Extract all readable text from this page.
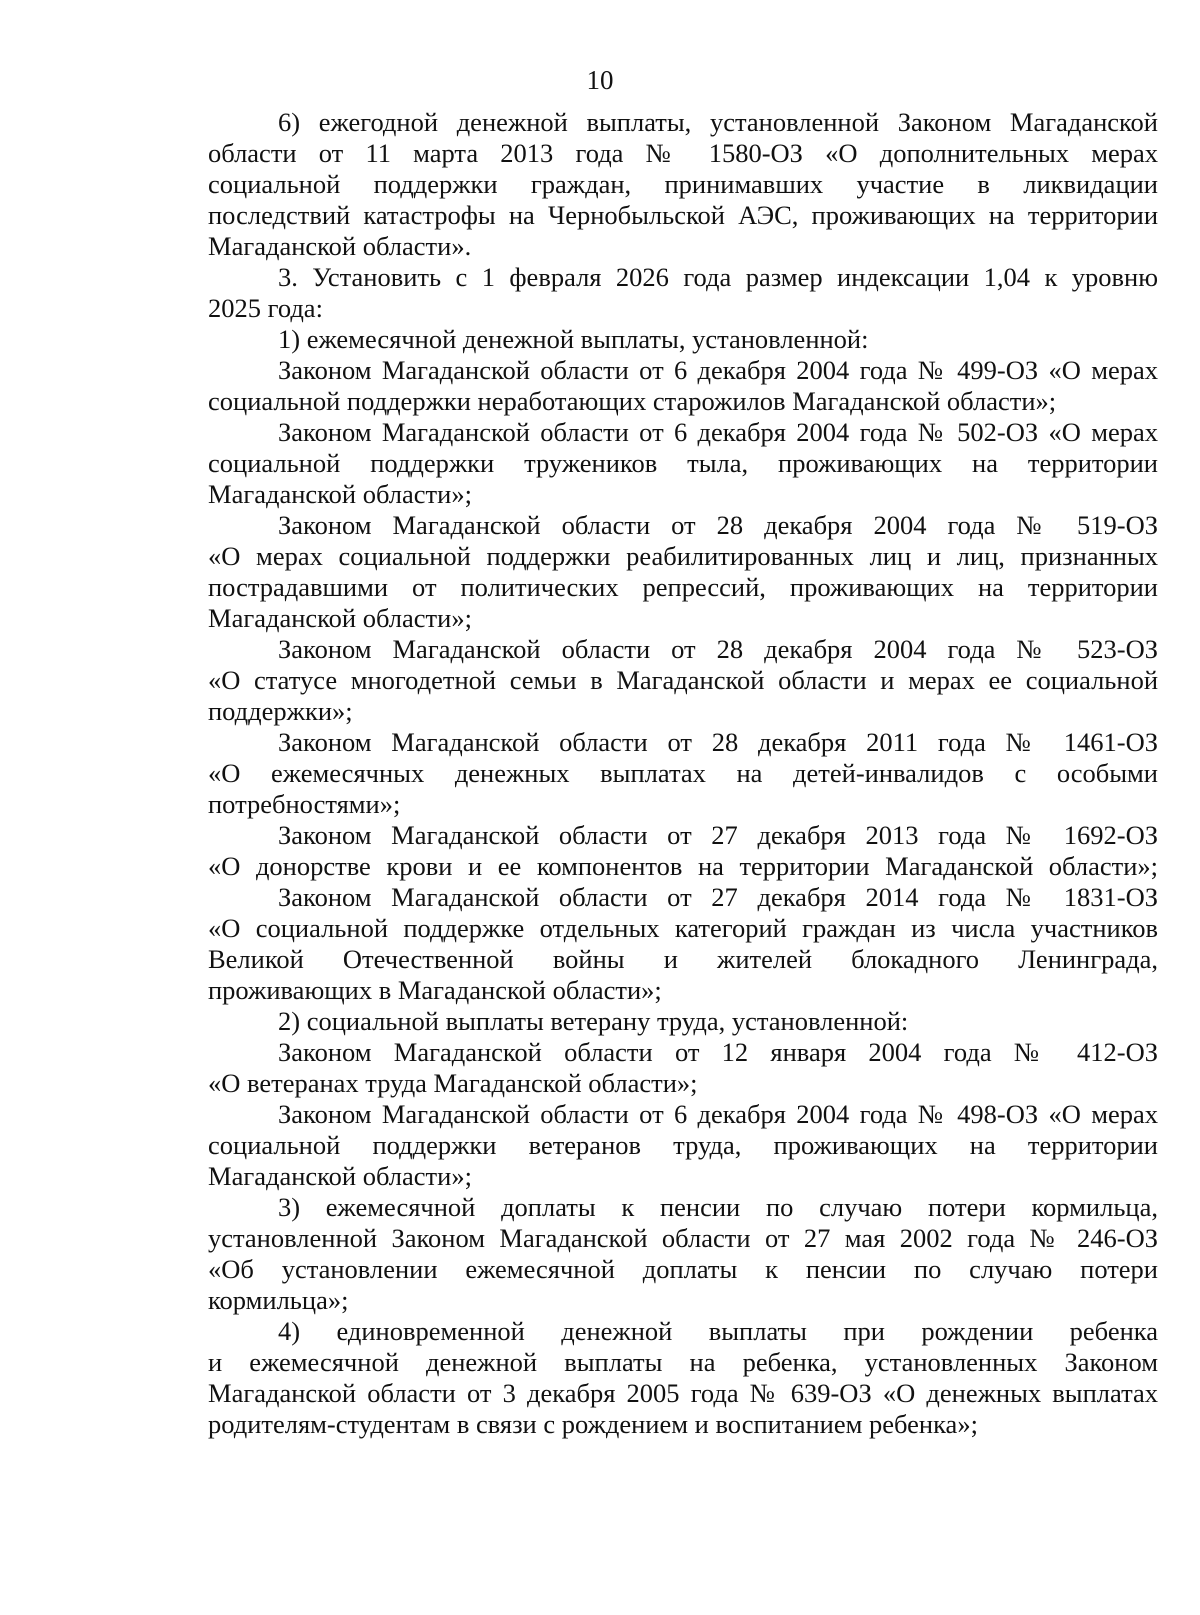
10
6) ежегодной денежной выплаты, установленной Законом Магаданской
области от 11 марта 2013 года № 1580-ОЗ «О дополнительных мерах
социальной поддержки граждан, принимавших участие в ликвидации
последствий катастрофы на Чернобыльской АЭС, проживающих на территории
Магаданской области».
3. Установить с 1 февраля 2026 года размер индексации 1,04 к уровню
2025 года:
1) ежемесячной денежной выплаты, установленной:
Законом Магаданской области от 6 декабря 2004 года № 499-ОЗ «О мерах
социальной поддержки неработающих старожилов Магаданской области»;
Законом Магаданской области от 6 декабря 2004 года № 502-ОЗ «О мерах
социальной поддержки тружеников тыла, проживающих на территории
Магаданской области»;
Законом Магаданской области от 28 декабря 2004 года № 519-ОЗ
«О мерах социальной поддержки реабилитированных лиц и лиц, признанных
пострадавшими от политических репрессий, проживающих на территории
Магаданской области»;
Законом Магаданской области от 28 декабря 2004 года № 523-ОЗ
«О статусе многодетной семьи в Магаданской области и мерах ее социальной
поддержки»;
Законом Магаданской области от 28 декабря 2011 года № 1461-ОЗ
«О ежемесячных денежных выплатах на детей-инвалидов с особыми
потребностями»;
Законом Магаданской области от 27 декабря 2013 года № 1692-ОЗ
«О донорстве крови и ее компонентов на территории Магаданской области»;
Законом Магаданской области от 27 декабря 2014 года № 1831-ОЗ
«О социальной поддержке отдельных категорий граждан из числа участников
Великой Отечественной войны и жителей блокадного Ленинграда,
проживающих в Магаданской области»;
2) социальной выплаты ветерану труда, установленной:
Законом Магаданской области от 12 января 2004 года № 412-ОЗ
«О ветеранах труда Магаданской области»;
Законом Магаданской области от 6 декабря 2004 года № 498-ОЗ «О мерах
социальной поддержки ветеранов труда, проживающих на территории
Магаданской области»;
3) ежемесячной доплаты к пенсии по случаю потери кормильца,
установленной Законом Магаданской области от 27 мая 2002 года № 246-ОЗ
«Об установлении ежемесячной доплаты к пенсии по случаю потери
кормильца»;
4) единовременной денежной выплаты при рождении ребенка
и ежемесячной денежной выплаты на ребенка, установленных Законом
Магаданской области от 3 декабря 2005 года № 639-ОЗ «О денежных выплатах
родителям-студентам в связи с рождением и воспитанием ребенка»;
